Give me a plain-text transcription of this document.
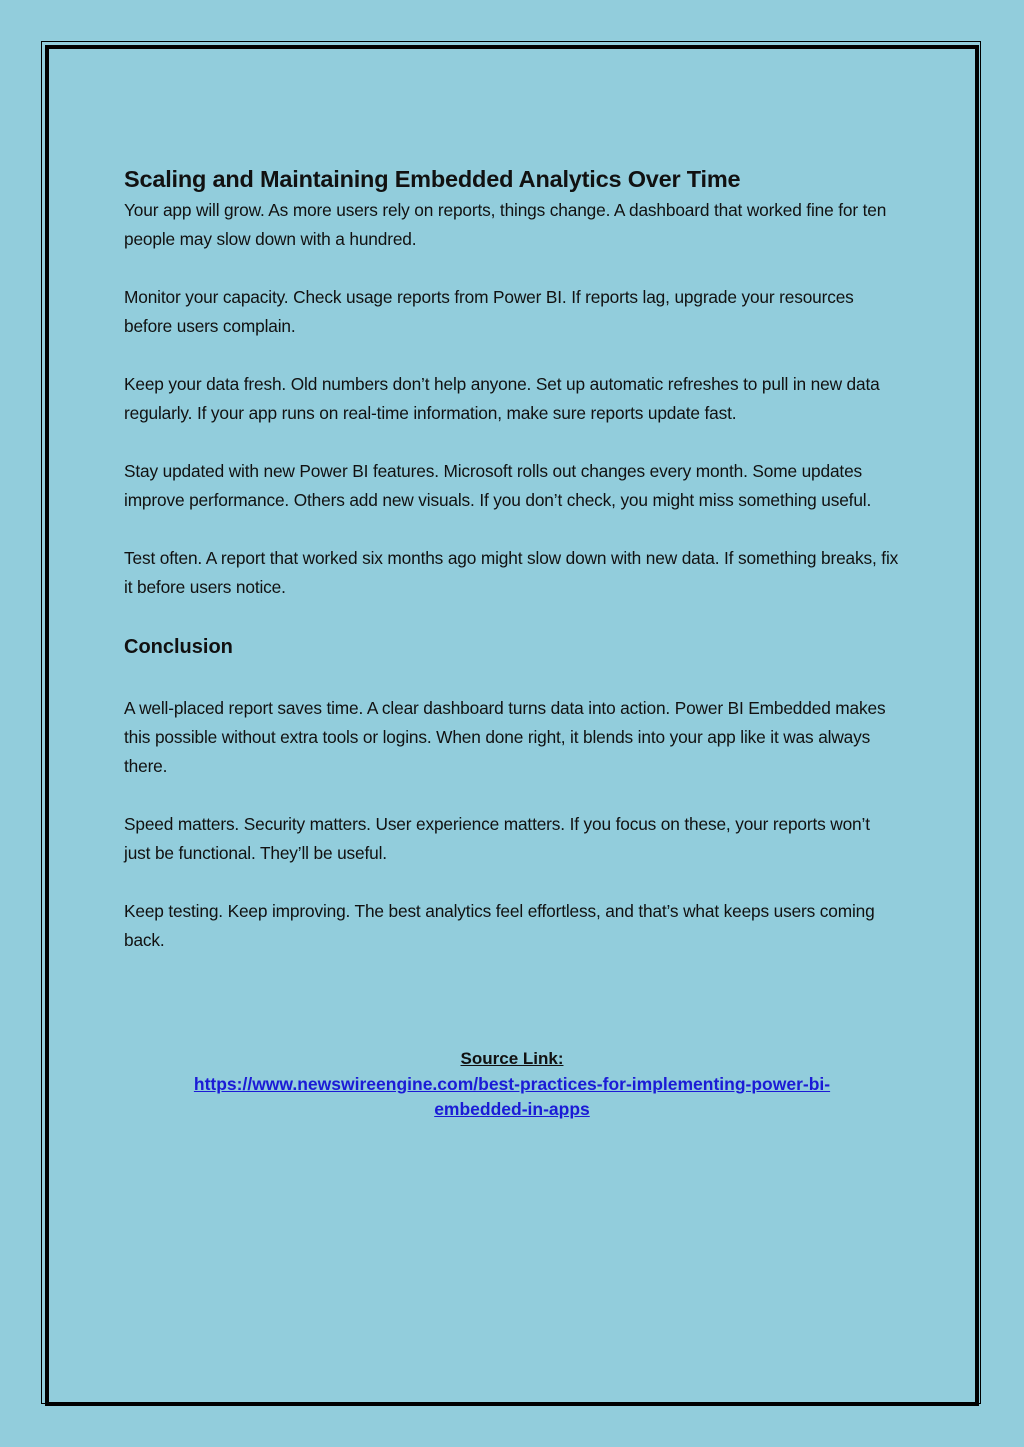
Scaling and Maintaining Embedded Analytics Over Time

Your app will grow. As more users rely on reports, things change. A dashboard that worked fine for ten people may slow down with a hundred.

Monitor your capacity. Check usage reports from Power BI. If reports lag, upgrade your resources before users complain.

Keep your data fresh. Old numbers don’t help anyone. Set up automatic refreshes to pull in new data regularly. If your app runs on real-time information, make sure reports update fast.

Stay updated with new Power BI features. Microsoft rolls out changes every month. Some updates improve performance. Others add new visuals. If you don’t check, you might miss something useful.

Test often. A report that worked six months ago might slow down with new data. If something breaks, fix it before users notice.

Conclusion

A well-placed report saves time. A clear dashboard turns data into action. Power BI Embedded makes this possible without extra tools or logins. When done right, it blends into your app like it was always there.

Speed matters. Security matters. User experience matters. If you focus on these, your reports won’t just be functional. They’ll be useful.

Keep testing. Keep improving. The best analytics feel effortless, and that’s what keeps users coming back.

Source Link:
https://www.newswireengine.com/best-practices-for-implementing-power-bi-embedded-in-apps
